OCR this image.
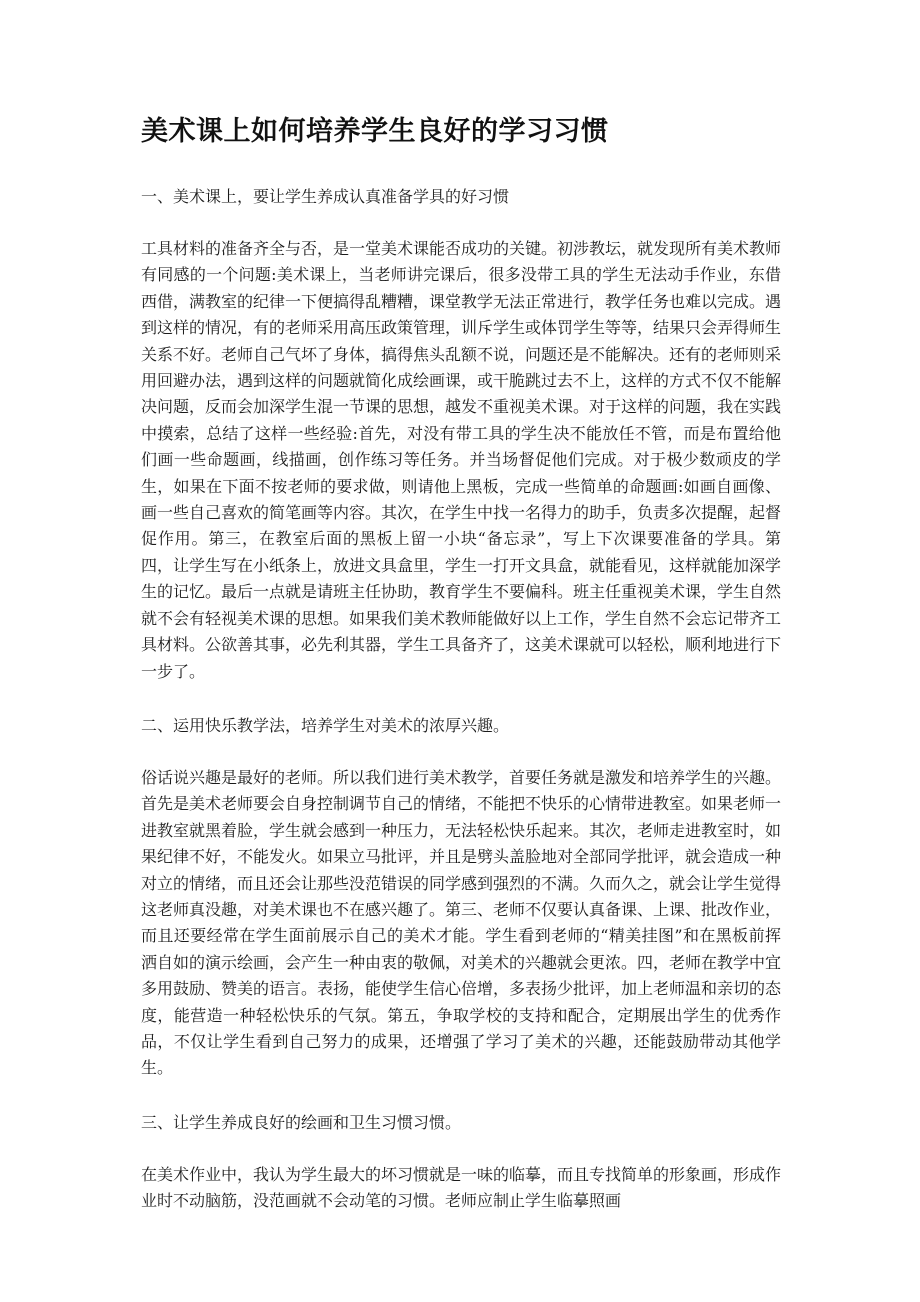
美术课上如何培养学生良好的学习习惯

一、美术课上，要让学生养成认真准备学具的好习惯

工具材料的准备齐全与否，是一堂美术课能否成功的关键。初涉教坛，就发现所有美术教师有同感的一个问题:美术课上，当老师讲完课后，很多没带工具的学生无法动手作业，东借西借，满教室的纪律一下便搞得乱糟糟，课堂教学无法正常进行，教学任务也难以完成。遇到这样的情况，有的老师采用高压政策管理，训斥学生或体罚学生等等，结果只会弄得师生关系不好。老师自己气坏了身体，搞得焦头乱额不说，问题还是不能解决。还有的老师则采用回避办法，遇到这样的问题就简化成绘画课，或干脆跳过去不上，这样的方式不仅不能解决问题，反而会加深学生混一节课的思想，越发不重视美术课。对于这样的问题，我在实践中摸索，总结了这样一些经验:首先，对没有带工具的学生决不能放任不管，而是布置给他们画一些命题画，线描画，创作练习等任务。并当场督促他们完成。对于极少数顽皮的学生，如果在下面不按老师的要求做，则请他上黑板，完成一些简单的命题画:如画自画像、画一些自己喜欢的简笔画等内容。其次，在学生中找一名得力的助手，负责多次提醒，起督促作用。第三，在教室后面的黑板上留一小块“备忘录”，写上下次课要准备的学具。第四，让学生写在小纸条上，放进文具盒里，学生一打开文具盒，就能看见，这样就能加深学生的记忆。最后一点就是请班主任协助，教育学生不要偏科。班主任重视美术课，学生自然就不会有轻视美术课的思想。如果我们美术教师能做好以上工作，学生自然不会忘记带齐工具材料。公欲善其事，必先利其器，学生工具备齐了，这美术课就可以轻松，顺利地进行下一步了。

二、运用快乐教学法，培养学生对美术的浓厚兴趣。

俗话说兴趣是最好的老师。所以我们进行美术教学，首要任务就是激发和培养学生的兴趣。首先是美术老师要会自身控制调节自己的情绪，不能把不快乐的心情带进教室。如果老师一进教室就黑着脸，学生就会感到一种压力，无法轻松快乐起来。其次，老师走进教室时，如果纪律不好，不能发火。如果立马批评，并且是劈头盖脸地对全部同学批评，就会造成一种对立的情绪，而且还会让那些没范错误的同学感到强烈的不满。久而久之，就会让学生觉得这老师真没趣，对美术课也不在感兴趣了。第三、老师不仅要认真备课、上课、批改作业，而且还要经常在学生面前展示自己的美术才能。学生看到老师的“精美挂图”和在黑板前挥洒自如的演示绘画，会产生一种由衷的敬佩，对美术的兴趣就会更浓。四，老师在教学中宜多用鼓励、赞美的语言。表扬，能使学生信心倍增，多表扬少批评，加上老师温和亲切的态度，能营造一种轻松快乐的气氛。第五，争取学校的支持和配合，定期展出学生的优秀作品，不仅让学生看到自己努力的成果，还增强了学习了美术的兴趣，还能鼓励带动其他学生。

三、让学生养成良好的绘画和卫生习惯习惯。

在美术作业中，我认为学生最大的坏习惯就是一味的临摹，而且专找简单的形象画，形成作业时不动脑筋，没范画就不会动笔的习惯。老师应制止学生临摹照画
